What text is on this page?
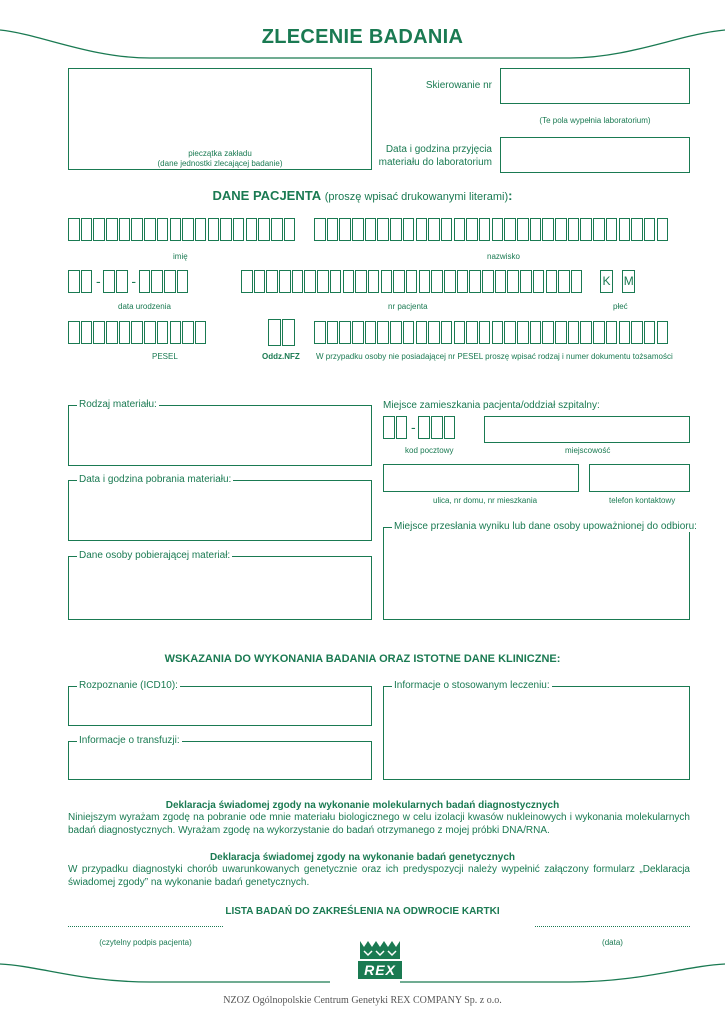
ZLECENIE BADANIA
pieczątka zakładu
(dane jednostki zlecającej badanie)
Skierowanie nr
(Te pola wypełnia laboratorium)
Data i godzina przyjęcia
materiału do laboratorium
DANE PACJENTA (proszę wpisać drukowanymi literami):
imię	nazwisko
- -	K M
data urodzenia	nr pacjenta	płeć
PESEL	Oddz.NFZ W przypadku osoby nie posiadającej nr PESEL proszę wpisać rodzaj i numer dokumentu tożsamości
Rodzaj materiału:
Data i godzina pobrania materiału:
Dane osoby pobierającej materiał:
Miejsce zamieszkania pacjenta/oddział szpitalny:
-
kod pocztowy	miejscowość
ulica, nr domu, nr mieszkania	telefon kontaktowy
Miejsce przesłania wyniku lub dane osoby upoważnionej do odbioru:
WSKAZANIA DO WYKONANIA BADANIA ORAZ ISTOTNE DANE KLINICZNE:
Rozpoznanie (ICD10):	Informacje o stosowanym leczeniu:
Informacje o transfuzji:
Deklaracja świadomej zgody na wykonanie molekularnych badań diagnostycznych

Niniejszym wyrażam zgodę na pobranie ode mnie materiału biologicznego w celu izolacji kwasów nukleinowych i wykonania molekularnych badań diagnostycznych. Wyrażam zgodę na wykorzystanie do badań otrzymanego z mojej próbki DNA/RNA.

Deklaracja świadomej zgody na wykonanie badań genetycznych

W przypadku diagnostyki chorób uwarunkowanych genetycznie oraz ich predyspozycji należy wypełnić załączony formularz „Deklaracja świadomej zgody” na wykonanie badań genetycznych.

LISTA BADAŃ DO ZAKREŚLENIA NA ODWROCIE KARTKI
(czytelny podpis pacjenta)	(data)
REX
NZOZ Ogólnopolskie Centrum Genetyki REX COMPANY Sp. z o.o.
